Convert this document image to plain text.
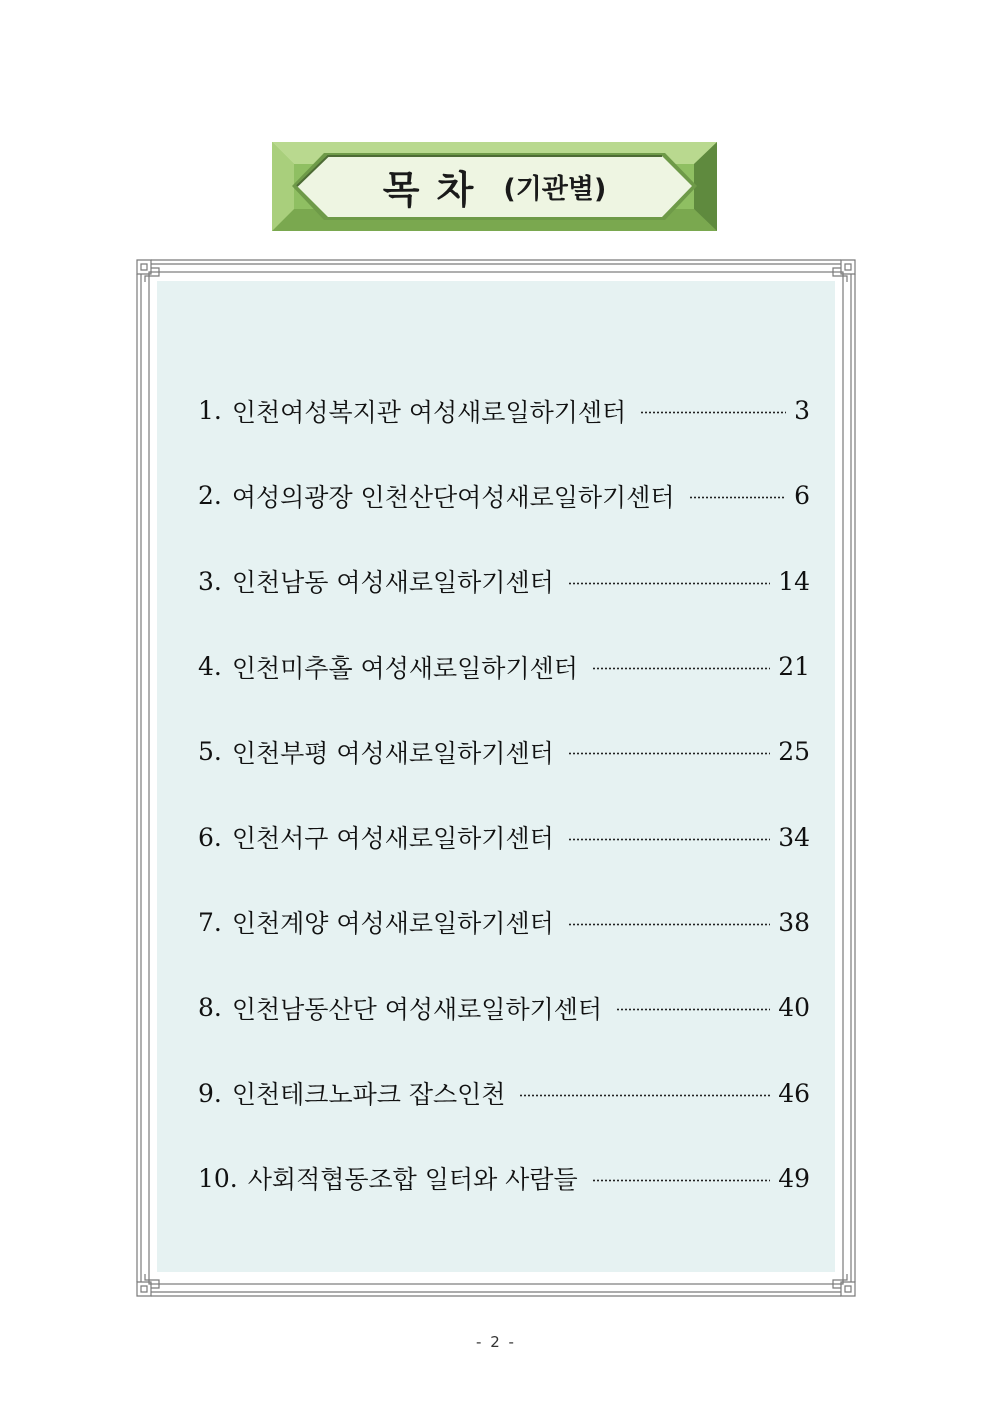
목 차 (기관별)
1. 인천여성복지관 여성새로일하기센터	3
2. 여성의광장 인천산단여성새로일하기센터	6
3. 인천남동 여성새로일하기센터	14
4. 인천미추홀 여성새로일하기센터	21
5. 인천부평 여성새로일하기센터	25
6. 인천서구 여성새로일하기센터	34
7. 인천계양 여성새로일하기센터	38
8. 인천남동산단 여성새로일하기센터	40
9. 인천테크노파크 잡스인천	46
10. 사회적협동조합 일터와 사람들	49
- 2 -
